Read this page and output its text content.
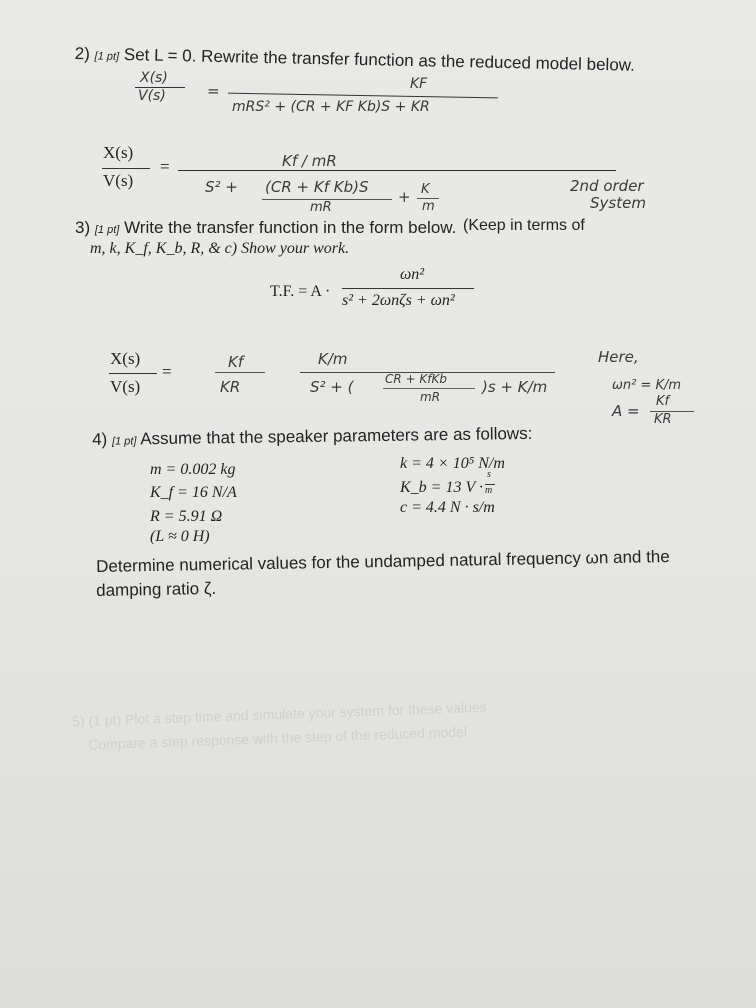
2) [1 pt] Set L = 0. Rewrite the transfer function as the reduced model below.
X(s)
V(s)	=	KF
mRS² + (CR + KF Kb)S + KR
X(s)
V(s)
=	Kf / mR
S² + (CR + Kf Kb)S
mR
+ K
m
2nd order
System
3) [1 pt] Write the transfer function in the form below. (Keep in terms of
m, k, K_f, K_b, R, & c) Show your work.
T.F. = A ·
ωn²
s² + 2ωnζs + ωn²
X(s)
V(s)
=	Kf
KR
K/m
S² + (	CR + KfKb
mR
)s + K/m
Here,
ωn² = K/m
A =
Kf
KR
4) [1 pt] Assume that the speaker parameters are as follows:
m = 0.002 kg
K_f = 16 N/A
R = 5.91 Ω
(L ≈ 0 H)
k = 4 × 10⁵ N/m
K_b = 13 V ·
s
m
c = 4.4 N · s/m
Determine numerical values for the undamped natural frequency ωn and the
damping ratio ζ.
5) (1 pt) Plot a step time and simulate your system for these values
Compare a step response with the step of the reduced model
